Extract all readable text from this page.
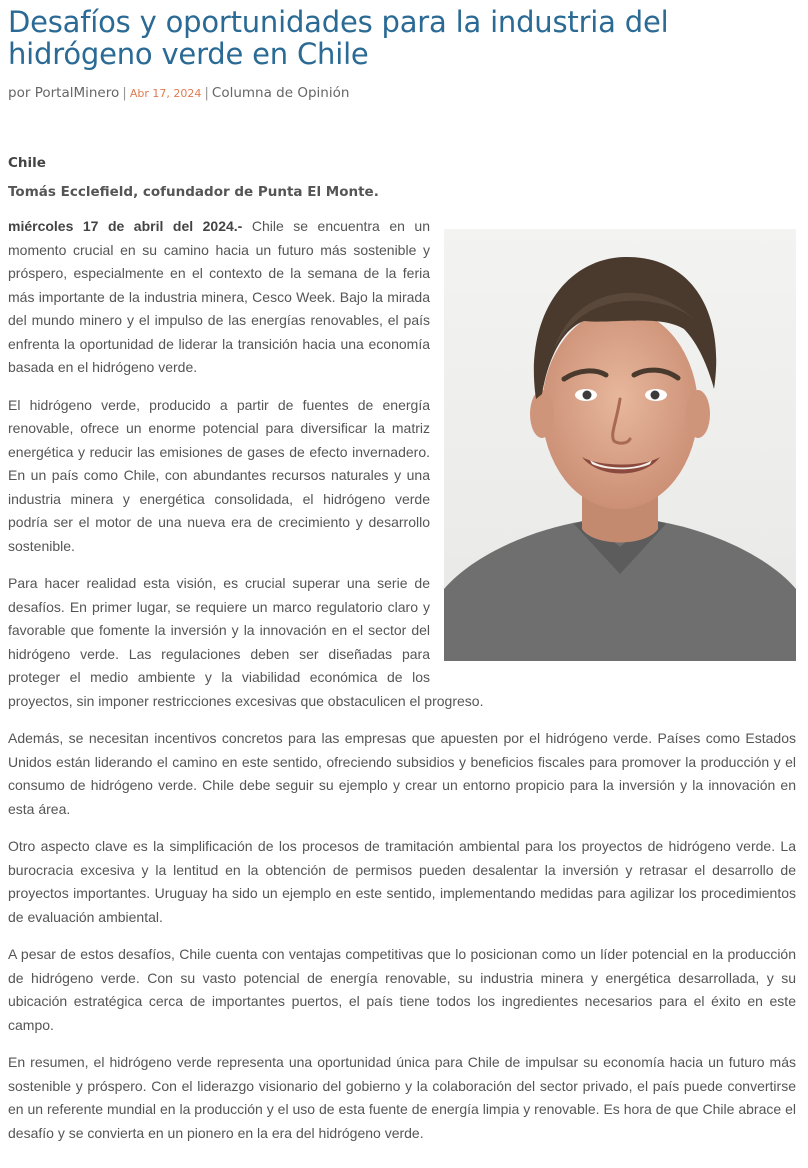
Desafíos y oportunidades para la industria del hidrógeno verde en Chile
por PortalMinero | Abr 17, 2024 | Columna de Opinión
Chile
Tomás Ecclefield, cofundador de Punta El Monte.

miércoles 17 de abril del 2024.- Chile se encuentra en un momento crucial en su camino hacia un futuro más sostenible y próspero, especialmente en el contexto de la semana de la feria más importante de la industria minera, Cesco Week. Bajo la mirada del mundo minero y el impulso de las energías renovables, el país enfrenta la oportunidad de liderar la transición hacia una economía basada en el hidrógeno verde.

El hidrógeno verde, producido a partir de fuentes de energía renovable, ofrece un enorme potencial para diversificar la matriz energética y reducir las emisiones de gases de efecto invernadero. En un país como Chile, con abundantes recursos naturales y una industria minera y energética consolidada, el hidrógeno verde podría ser el motor de una nueva era de crecimiento y desarrollo sostenible.

Para hacer realidad esta visión, es crucial superar una serie de desafíos. En primer lugar, se requiere un marco regulatorio claro y favorable que fomente la inversión y la innovación en el sector del hidrógeno verde. Las regulaciones deben ser diseñadas para proteger el medio ambiente y la viabilidad económica de los proyectos, sin imponer restricciones excesivas que obstaculicen el progreso.

Además, se necesitan incentivos concretos para las empresas que apuesten por el hidrógeno verde. Países como Estados Unidos están liderando el camino en este sentido, ofreciendo subsidios y beneficios fiscales para promover la producción y el consumo de hidrógeno verde. Chile debe seguir su ejemplo y crear un entorno propicio para la inversión y la innovación en esta área.

Otro aspecto clave es la simplificación de los procesos de tramitación ambiental para los proyectos de hidrógeno verde. La burocracia excesiva y la lentitud en la obtención de permisos pueden desalentar la inversión y retrasar el desarrollo de proyectos importantes. Uruguay ha sido un ejemplo en este sentido, implementando medidas para agilizar los procedimientos de evaluación ambiental.

A pesar de estos desafíos, Chile cuenta con ventajas competitivas que lo posicionan como un líder potencial en la producción de hidrógeno verde. Con su vasto potencial de energía renovable, su industria minera y energética desarrollada, y su ubicación estratégica cerca de importantes puertos, el país tiene todos los ingredientes necesarios para el éxito en este campo.

En resumen, el hidrógeno verde representa una oportunidad única para Chile de impulsar su economía hacia un futuro más sostenible y próspero. Con el liderazgo visionario del gobierno y la colaboración del sector privado, el país puede convertirse en un referente mundial en la producción y el uso de esta fuente de energía limpia y renovable. Es hora de que Chile abrace el desafío y se convierta en un pionero en la era del hidrógeno verde.
